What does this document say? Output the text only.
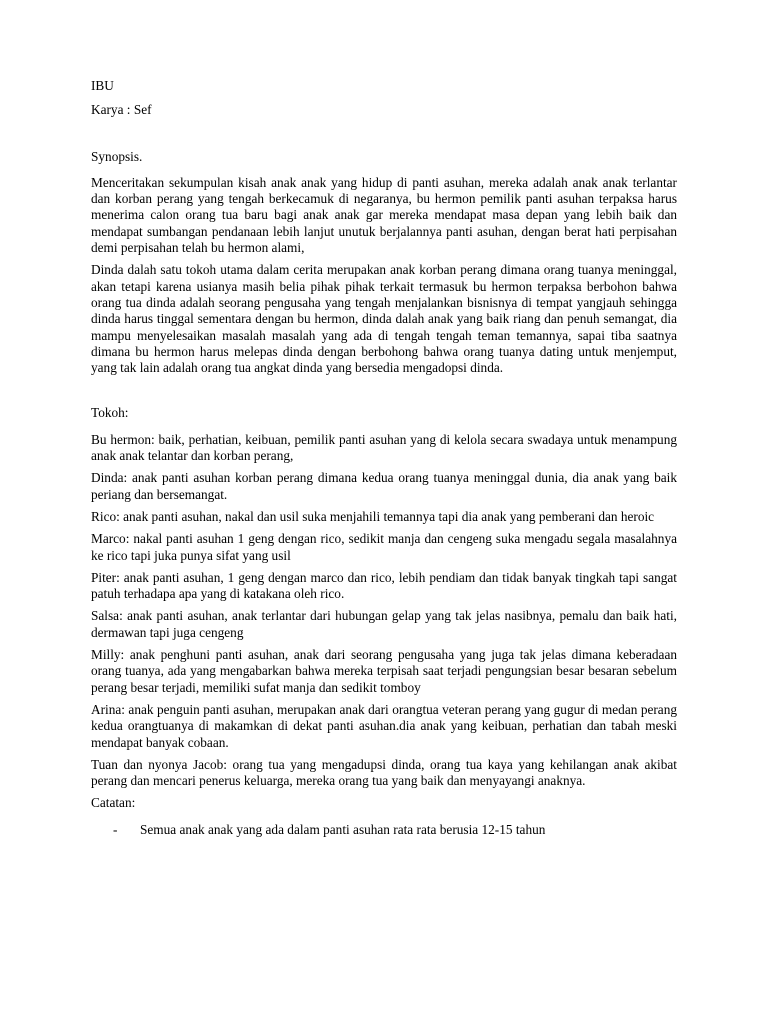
IBU

Karya : Sef

Synopsis.

Menceritakan sekumpulan kisah anak anak yang hidup di panti asuhan, mereka adalah anak anak terlantar dan korban perang yang tengah berkecamuk di negaranya, bu hermon pemilik panti asuhan terpaksa harus menerima calon orang tua baru bagi anak anak gar mereka mendapat masa depan yang lebih baik dan mendapat sumbangan pendanaan lebih lanjut unutuk berjalannya panti asuhan, dengan berat hati perpisahan demi perpisahan telah bu hermon alami,

Dinda dalah satu tokoh utama dalam cerita merupakan anak korban perang dimana orang tuanya meninggal, akan tetapi karena usianya masih belia pihak pihak terkait termasuk bu hermon terpaksa berbohon bahwa orang tua dinda adalah seorang pengusaha yang tengah menjalankan bisnisnya di tempat yangjauh sehingga dinda harus tinggal sementara dengan bu hermon, dinda dalah anak yang baik riang dan penuh semangat, dia mampu menyelesaikan masalah masalah yang ada di tengah tengah teman temannya, sapai tiba saatnya dimana bu hermon harus melepas dinda dengan berbohong bahwa orang tuanya dating untuk menjemput, yang tak lain adalah orang tua angkat dinda yang bersedia mengadopsi dinda.

Tokoh:

Bu hermon: baik, perhatian, keibuan, pemilik panti asuhan yang di kelola secara swadaya untuk menampung anak anak telantar dan korban perang,

Dinda: anak panti asuhan korban perang dimana kedua orang tuanya meninggal dunia, dia anak yang baik periang dan bersemangat.

Rico: anak panti asuhan, nakal dan usil suka menjahili temannya tapi dia anak yang pemberani dan heroic

Marco: nakal panti asuhan 1 geng dengan rico, sedikit manja dan cengeng suka mengadu segala masalahnya ke rico tapi juka punya sifat yang usil

Piter: anak panti asuhan, 1 geng dengan marco dan rico, lebih pendiam dan tidak banyak tingkah tapi sangat patuh terhadapa apa yang di katakana oleh rico.

Salsa: anak panti asuhan, anak terlantar dari hubungan gelap yang tak jelas nasibnya, pemalu dan baik hati, dermawan tapi juga cengeng

Milly: anak penghuni panti asuhan, anak dari seorang pengusaha yang juga tak jelas dimana keberadaan orang tuanya, ada yang mengabarkan bahwa mereka terpisah saat terjadi pengungsian besar besaran sebelum perang besar terjadi, memiliki sufat manja dan sedikit tomboy

Arina: anak penguin panti asuhan, merupakan anak dari orangtua veteran perang yang gugur di medan perang kedua orangtuanya di makamkan di dekat panti asuhan.dia anak yang keibuan, perhatian dan tabah meski mendapat banyak cobaan.

Tuan dan nyonya Jacob: orang tua yang mengadupsi dinda, orang tua kaya yang kehilangan anak akibat perang dan mencari penerus keluarga, mereka orang tua yang baik dan menyayangi anaknya.

Catatan:

- Semua anak anak yang ada dalam panti asuhan rata rata berusia 12-15 tahun
